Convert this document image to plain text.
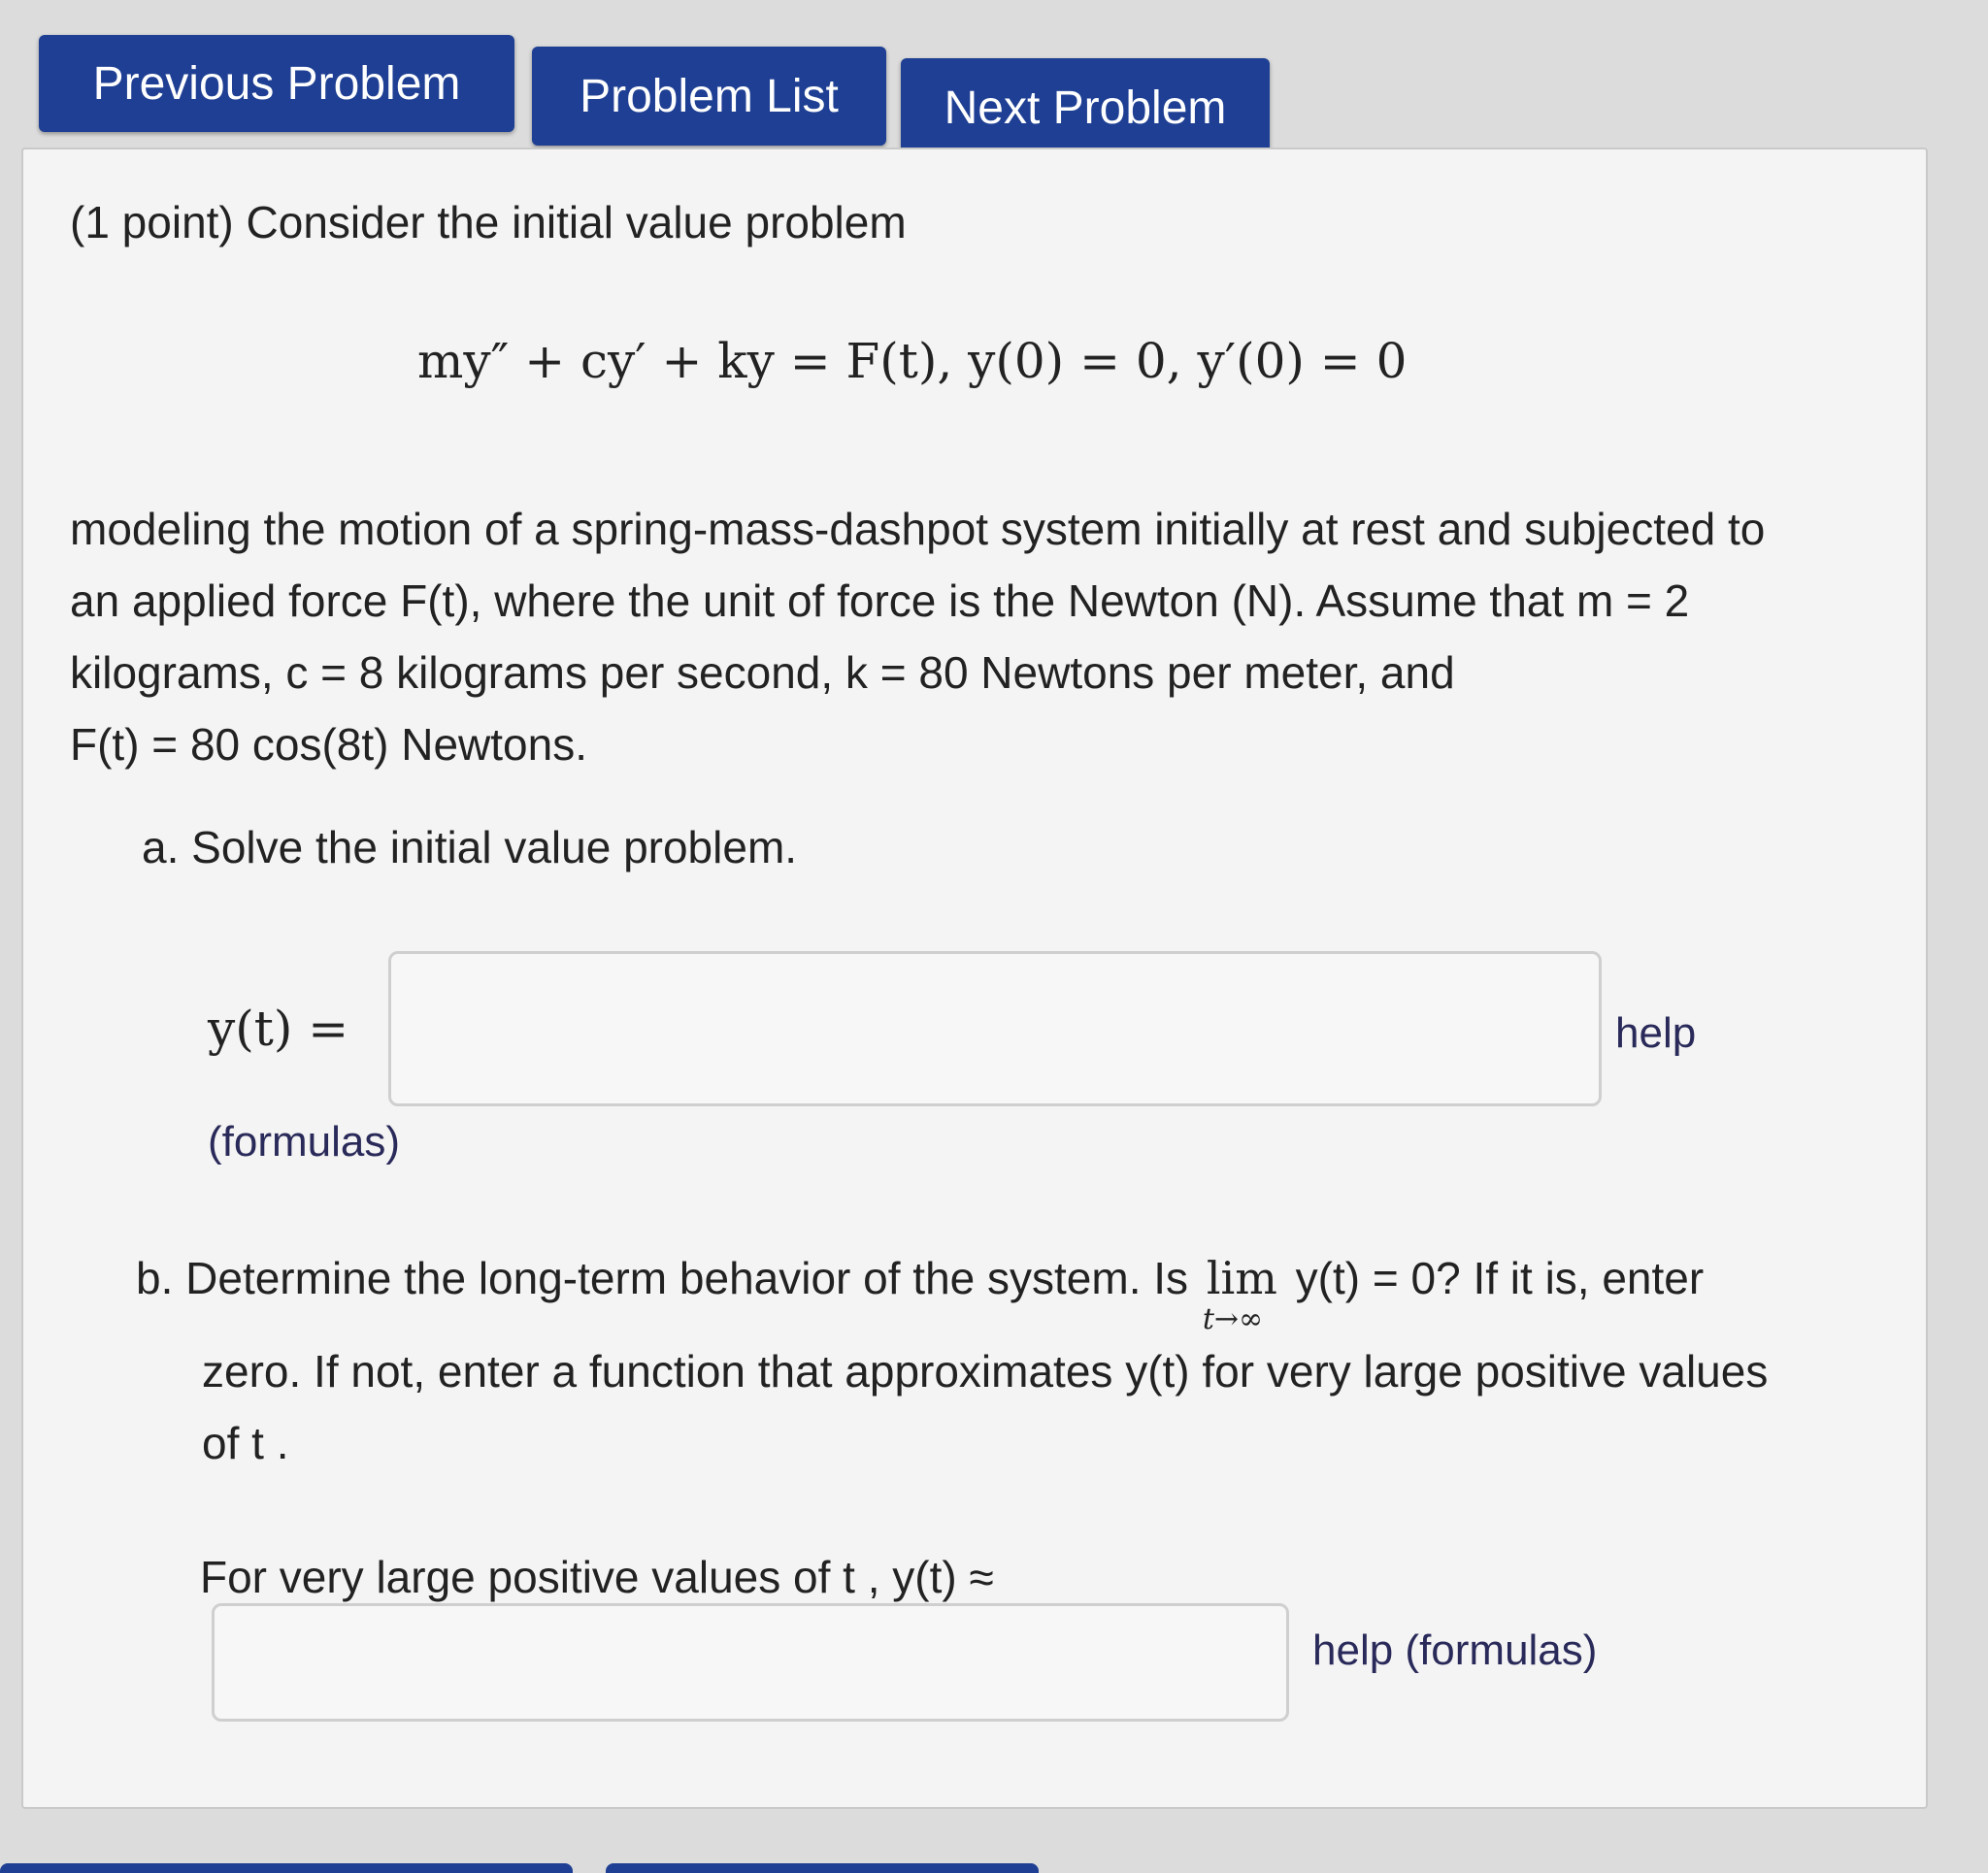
Previous Problem	Problem List	Next Problem
(1 point) Consider the initial value problem
my″ + cy′ + ky = F(t), y(0) = 0, y′(0) = 0
modeling the motion of a spring-mass-dashpot system initially at rest and subjected to
an applied force F(t), where the unit of force is the Newton (N). Assume that m = 2
kilograms, c = 8 kilograms per second, k = 80 Newtons per meter, and
F(t) = 80 cos(8t) Newtons.
a. Solve the initial value problem.
y(t) =	help
(formulas)
b. Determine the long-term behavior of the system. Is lim
t→∞
y(t) = 0? If it is, enter
zero. If not, enter a function that approximates y(t) for very large positive values
of t .
For very large positive values of t , y(t) ≈
help (formulas)
